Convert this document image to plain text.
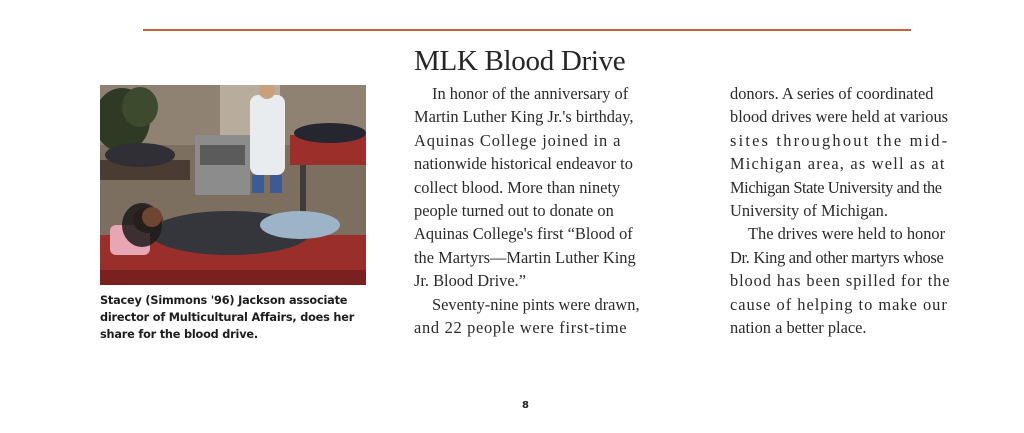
Stacey (Simmons '96) Jackson associate director of Multicultural Affairs, does her share for the blood drive.
MLK Blood Drive
In honor of the anniversary of
Martin Luther King Jr.'s birthday,
Aquinas College joined in a
nationwide historical endeavor to
collect blood. More than ninety
people turned out to donate on
Aquinas College's first “Blood of
the Martyrs—Martin Luther King
Jr. Blood Drive.”
Seventy-nine pints were drawn,
and 22 people were first-time
donors. A series of coordinated
blood drives were held at various
sites throughout the mid-
Michigan area, as well as at
Michigan State University and the
University of Michigan.
The drives were held to honor
Dr. King and other martyrs whose
blood has been spilled for the
cause of helping to make our
nation a better place.
8
